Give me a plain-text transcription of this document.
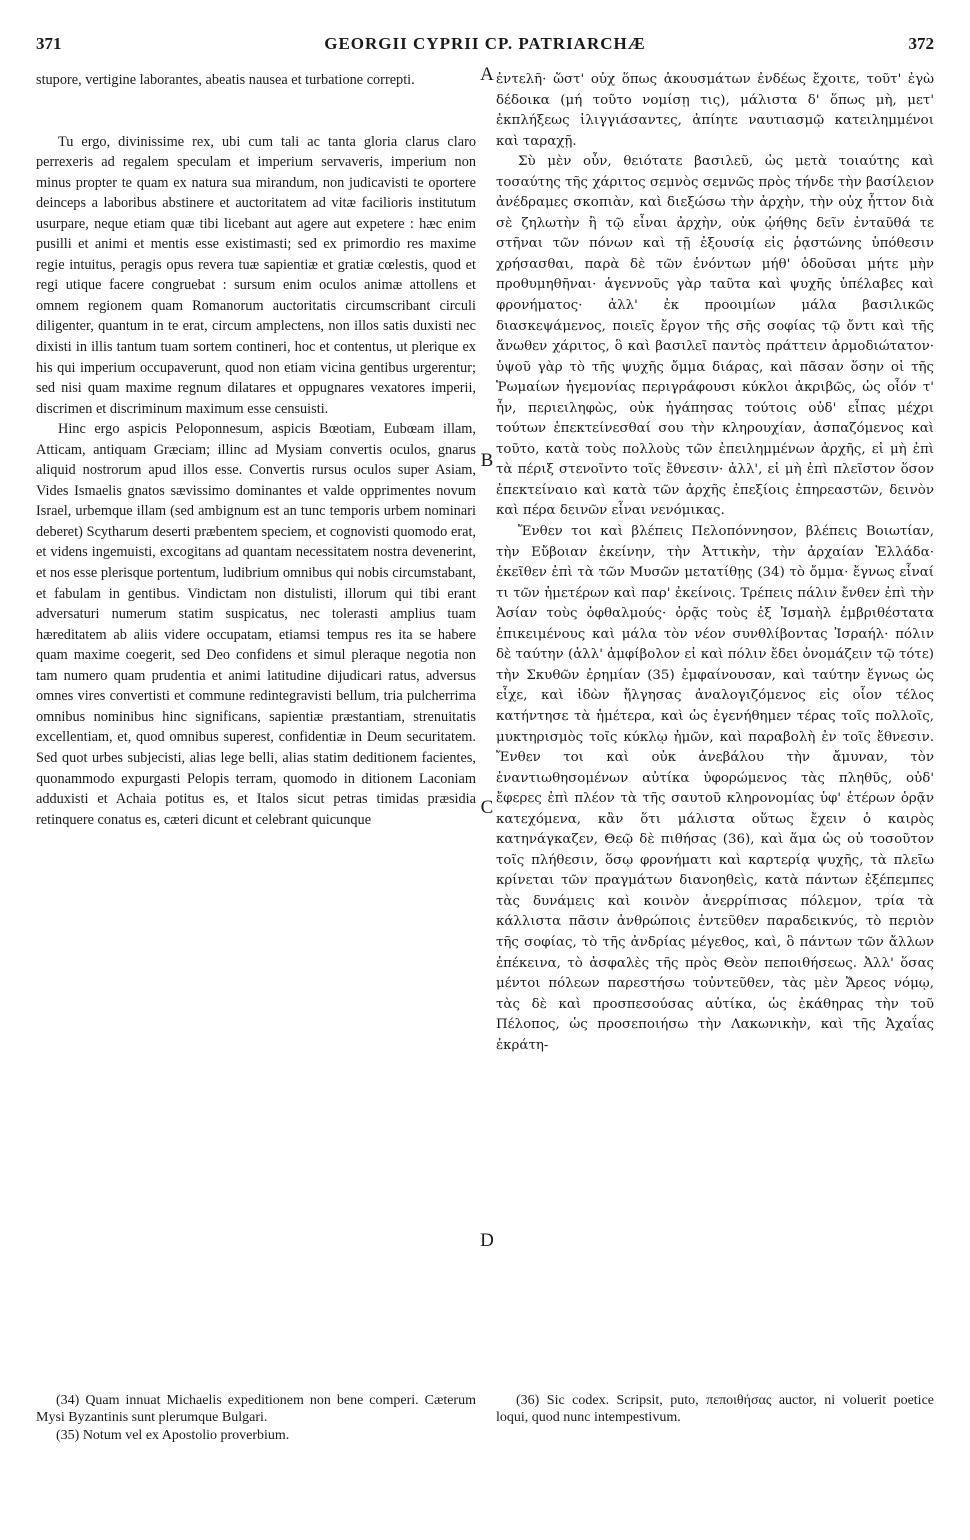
371	GEORGII CYPRII CP. PATRIARCHÆ	372

stupore, vertigine laborantes, abeatis nausea et turbatione correpti.

Tu ergo, divinissime rex, ubi cum tali ac tanta gloria clarus claro perrexeris ad regalem speculam et imperium servaveris, imperium non minus propter te quam ex natura sua mirandum, non judicavisti te oportere deinceps a laboribus abstinere et auctoritatem ad vitæ facilioris institutum usurpare, neque etiam quæ tibi licebant aut agere aut expetere : hæc enim pusilli et animi et mentis esse existimasti; sed ex primordio res maxime regie intuitus, peragis opus revera tuæ sapientiæ et gratiæ cœlestis, quod et regi utique facere congruebat : sursum enim oculos animæ attollens et omnem regionem quam Romanorum auctoritatis circumscribant circuli diligenter, quantum in te erat, circum amplectens, non illos satis duxisti nec dixisti in illis tantum tuam sortem contineri, hoc et contentus, ut plerique ex his qui imperium occupaverunt, quod non etiam vicina gentibus urgerentur; sed nisi quam maxime regnum dilatares et oppugnares vexatores imperii, discrimen et discriminum maximum esse censuisti.

Hinc ergo aspicis Peloponnesum, aspicis Bœotiam, Eubœam illam, Atticam, antiquam Græciam; illinc ad Mysiam convertis oculos, gnarus aliquid nostrorum apud illos esse. Convertis rursus oculos super Asiam, Vides Ismaelis gnatos sævissimo dominantes et valde opprimentes novum Israel, urbemque illam (sed ambignum est an tunc temporis urbem nominari deberet) Scytharum deserti præbentem speciem, et cognovisti quomodo erat, et videns ingemuisti, excogitans ad quantam necessitatem nostra devenerint, et nos esse plerisque portentum, ludibrium omnibus qui nobis circumstabant, et fabulam in gentibus. Vindictam non distulisti, illorum qui tibi erant adversaturi numerum statim suspicatus, nec tolerasti amplius tuam hæreditatem ab aliis videre occupatam, etiamsi tempus res ita se habere quam maxime coegerit, sed Deo confidens et simul pleraque negotia non tam numero quam prudentia et animi latitudine dijudicari ratus, adversus omnes vires convertisti et commune redintegravisti bellum, tria pulcherrima omnibus nominibus hinc significans, sapientiæ præstantiam, strenuitatis excellentiam, et, quod omnibus superest, confidentiæ in Deum securitatem. Sed quot urbes subjecisti, alias lege belli, alias statim deditionem facientes, quonammodo expurgasti Pelopis terram, quomodo in ditionem Laconiam adduxisti et Achaia potitus es, et Italos sicut petras timidas præsidia retinquere conatus es, cæteri dicunt et celebrant quicunque

A
B
C
D

ἐντελῆ· ὥστ' οὐχ ὅπως ἀκουσμάτων ἐνδέως ἔχοιτε, τοῦτ' ἐγὼ δέδοικα (μή τοῦτο νομίσῃ τις), μάλιστα δ' ὅπως μὴ, μετ' ἐκπλήξεως ἰλιγγιάσαντες, ἀπίητε ναυτιασμῷ κατειλημμένοι καὶ ταραχῇ.

Σὺ μὲν οὖν, θειότατε βασιλεῦ, ὡς μετὰ τοιαύτης καὶ τοσαύτης τῆς χάριτος σεμνὸς σεμνῶς πρὸς τήνδε τὴν βασίλειον ἀνέδραμες σκοπιὰν, καὶ διεξώσω τὴν ἀρχὴν, τὴν οὐχ ἧττον διὰ σὲ ζηλωτὴν ἢ τῷ εἶναι ἀρχὴν, οὐκ ᾠήθης δεῖν ἐνταῦθά τε στῆναι τῶν πόνων καὶ τῇ ἐξουσίᾳ εἰς ῥᾳστώνης ὑπόθεσιν χρήσασθαι, παρὰ δὲ τῶν ἐνόντων μήθ' ὁδοῦσαι μήτε μὴν προθυμηθῆναι· ἀγεννοῦς γὰρ ταῦτα καὶ ψυχῆς ὑπέλαβες καὶ φρονήματος· ἀλλ' ἐκ προοιμίων μάλα βασιλικῶς διασκεψάμενος, ποιεῖς ἔργον τῆς σῆς σοφίας τῷ ὄντι καὶ τῆς ἄνωθεν χάριτος, ὃ καὶ βασιλεῖ παντὸς πράττειν ἁρμοδιώτατον· ὑψοῦ γὰρ τὸ τῆς ψυχῆς ὄμμα διάρας, καὶ πᾶσαν ὅσην οἱ τῆς Ῥωμαίων ἡγεμονίας περιγράφουσι κύκλοι ἀκριβῶς, ὡς οἷόν τ' ἦν, περιειληφὼς, οὐκ ἠγάπησας τούτοις οὐδ' εἶπας μέχρι τούτων ἐπεκτείνεσθαί σου τὴν κληρουχίαν, ἀσπαζόμενος καὶ τοῦτο, κατὰ τοὺς πολλοὺς τῶν ἐπειλημμένων ἀρχῆς, εἰ μὴ ἐπὶ τὰ πέριξ στενοῖντο τοῖς ἔθνεσιν· ἀλλ', εἰ μὴ ἐπὶ πλεῖστον ὅσον ἐπεκτείναιο καὶ κατὰ τῶν ἀρχῆς ἐπεξίοις ἐπηρεαστῶν, δεινὸν καὶ πέρα δεινῶν εἶναι νενόμικας.

Ἔνθεν τοι καὶ βλέπεις Πελοπόννησον, βλέπεις Βοιωτίαν, τὴν Εὔβοιαν ἐκείνην, τὴν Ἀττικὴν, τὴν ἀρχαίαν Ἑλλάδα· ἐκεῖθεν ἐπὶ τὰ τῶν Μυσῶν μετατίθῃς (34) τὸ ὄμμα· ἔγνως εἶναί τι τῶν ἡμετέρων καὶ παρ' ἐκείνοις. Τρέπεις πάλιν ἔνθεν ἐπὶ τὴν Ἀσίαν τοὺς ὀφθαλμούς· ὁρᾷς τοὺς ἐξ Ἰσμαὴλ ἐμβριθέστατα ἐπικειμένους καὶ μάλα τὸν νέον συνθλίβοντας Ἰσραήλ· πόλιν δὲ ταύτην (ἀλλ' ἀμφίβολον εἰ καὶ πόλιν ἔδει ὀνομάζειν τῷ τότε) τὴν Σκυθῶν ἐρημίαν (35) ἐμφαίνουσαν, καὶ ταύτην ἔγνως ὡς εἶχε, καὶ ἰδὼν ἤλγησας ἀναλογιζόμενος εἰς οἷον τέλος κατήντησε τὰ ἡμέτερα, καὶ ὡς ἐγενήθημεν τέρας τοῖς πολλοῖς, μυκτηρισμὸς τοῖς κύκλῳ ἡμῶν, καὶ παραβολὴ ἐν τοῖς ἔθνεσιν. Ἔνθεν τοι καὶ οὐκ ἀνεβάλου τὴν ἄμυναν, τὸν ἐναντιωθησομένων αὐτίκα ὑφορώμενος τὰς πληθῦς, οὐδ' ἔφερες ἐπὶ πλέον τὰ τῆς σαυτοῦ κληρονομίας ὑφ' ἑτέρων ὁρᾷν κατεχόμενα, κἂν ὅτι μάλιστα οὕτως ἔχειν ὁ καιρὸς κατηνάγκαζεν, Θεῷ δὲ πιθήσας (36), καὶ ἅμα ὡς οὐ τοσοῦτον τοῖς πλήθεσιν, ὅσῳ φρονήματι καὶ καρτερίᾳ ψυχῆς, τὰ πλεῖω κρίνεται τῶν πραγμάτων διανοηθεὶς, κατὰ πάντων ἐξέπεμπες τὰς δυνάμεις καὶ κοινὸν ἀνερρίπισας πόλεμον, τρία τὰ κάλλιστα πᾶσιν ἀνθρώποις ἐντεῦθεν παραδεικνύς, τὸ περιὸν τῆς σοφίας, τὸ τῆς ἀνδρίας μέγεθος, καὶ, ὃ πάντων τῶν ἄλλων ἐπέκεινα, τὸ ἀσφαλὲς τῆς πρὸς Θεὸν πεποιθήσεως. Ἀλλ' ὅσας μέντοι πόλεων παρεστήσω τοὐντεῦθεν, τὰς μὲν Ἄρεος νόμῳ, τὰς δὲ καὶ προσπεσούσας αὐτίκα, ὡς ἐκάθηρας τὴν τοῦ Πέλοπος, ὡς προσεποιήσω τὴν Λακωνικὴν, καὶ τῆς Ἀχαΐας ἐκράτη-

(34) Quam innuat Michaelis expeditionem non bene comperi. Cæterum Mysi Byzantinis sunt plerumque Bulgari.

(35) Notum vel ex Apostolio proverbium.

(36) Sic codex. Scripsit, puto, πεποιθήσας auctor, ni voluerit poetice loqui, quod nunc intempestivum.
